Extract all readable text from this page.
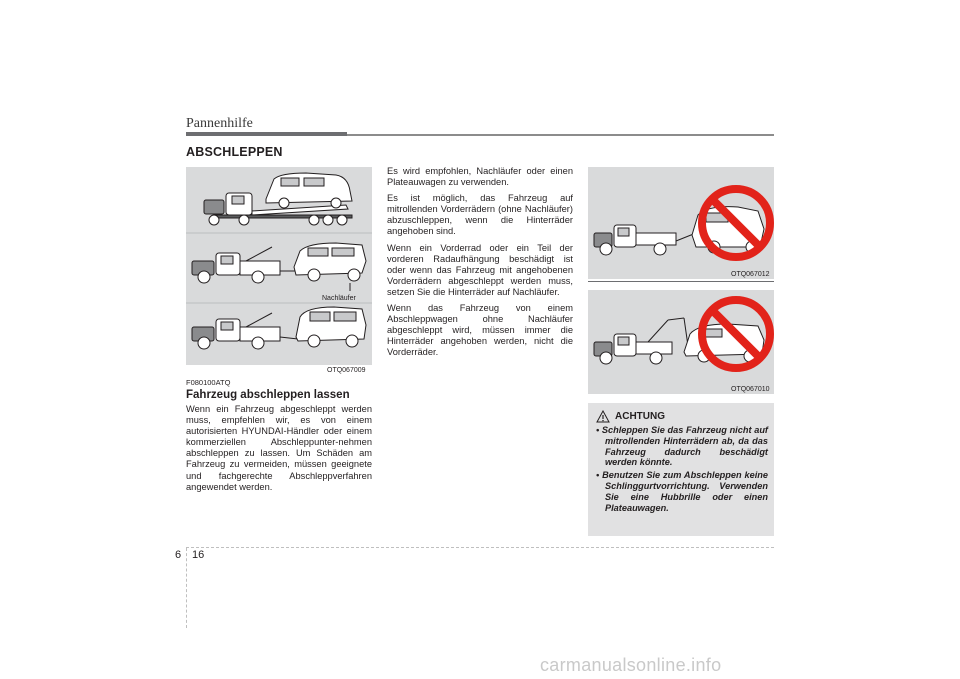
Pannenhilfe
ABSCHLEPPEN
Nachläufer
OTQ067009
F080100ATQ
Fahrzeug abschleppen lassen

Wenn ein Fahrzeug abgeschleppt werden muss, empfehlen wir, es von einem autorisierten HYUNDAI-Händler oder einem kommerziellen Abschleppunter-nehmen abschleppen zu lassen. Um Schäden am Fahrzeug zu vermeiden, müssen geeignete und fachgerechte Abschleppverfahren angewendet werden.

Es wird empfohlen, Nachläufer oder einen Plateauwagen zu verwenden.

Es ist möglich, das Fahrzeug auf mitrollenden Vorderrädern (ohne Nachläufer) abzuschleppen, wenn die Hinterräder angehoben sind.

Wenn ein Vorderrad oder ein Teil der vorderen Radaufhängung beschädigt ist oder wenn das Fahrzeug mit angehobenen Vorderrädern abgeschleppt werden muss, setzen Sie die Hinterräder auf Nachläufer.

Wenn das Fahrzeug von einem Abschleppwagen ohne Nachläufer abgeschleppt wird, müssen immer die Hinterräder angehoben werden, nicht die Vorderräder.

OTQ067012
OTQ067010
ACHTUNG
• Schleppen Sie das Fahrzeug nicht auf mitrollenden Hinterrädern ab, da das Fahrzeug dadurch beschädigt werden könnte.
• Benutzen Sie zum Abschleppen keine Schlinggurtvorrichtung. Verwenden Sie eine Hubbrille oder einen Plateauwagen.
6 16
carmanualsonline.info
